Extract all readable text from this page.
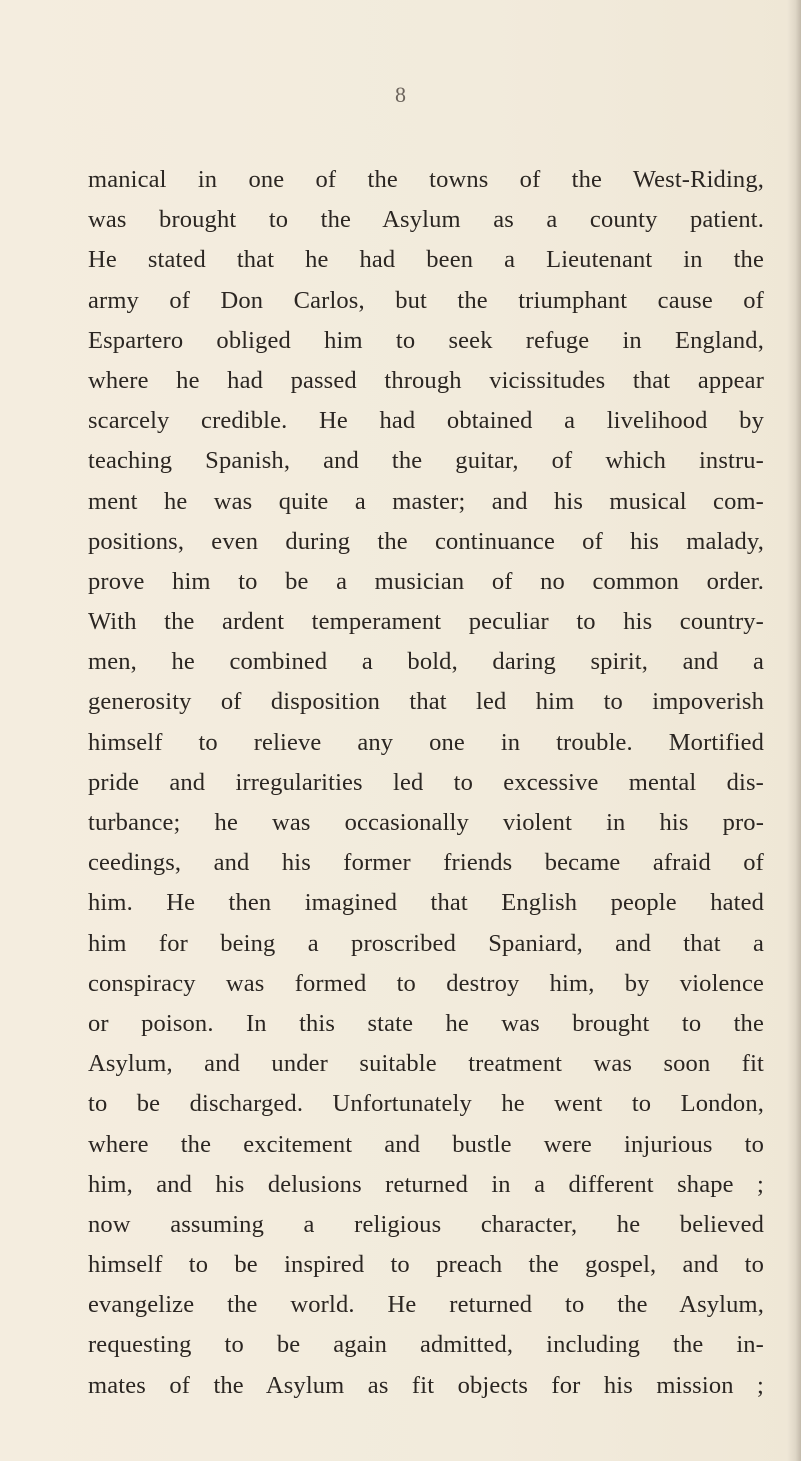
8
manical in one of the towns of the West-Riding,
was brought to the Asylum as a county patient.
He stated that he had been a Lieutenant in the
army of Don Carlos, but the triumphant cause of
Espartero obliged him to seek refuge in England,
where he had passed through vicissitudes that appear
scarcely credible. He had obtained a livelihood by
teaching Spanish, and the guitar, of which instru-
ment he was quite a master; and his musical com-
positions, even during the continuance of his malady,
prove him to be a musician of no common order.
With the ardent temperament peculiar to his country-
men, he combined a bold, daring spirit, and a
generosity of disposition that led him to impoverish
himself to relieve any one in trouble. Mortified
pride and irregularities led to excessive mental dis-
turbance; he was occasionally violent in his pro-
ceedings, and his former friends became afraid of
him. He then imagined that English people hated
him for being a proscribed Spaniard, and that a
conspiracy was formed to destroy him, by violence
or poison. In this state he was brought to the
Asylum, and under suitable treatment was soon fit
to be discharged. Unfortunately he went to London,
where the excitement and bustle were injurious to
him, and his delusions returned in a different shape ;
now assuming a religious character, he believed
himself to be inspired to preach the gospel, and to
evangelize the world. He returned to the Asylum,
requesting to be again admitted, including the in-
mates of the Asylum as fit objects for his mission ;
